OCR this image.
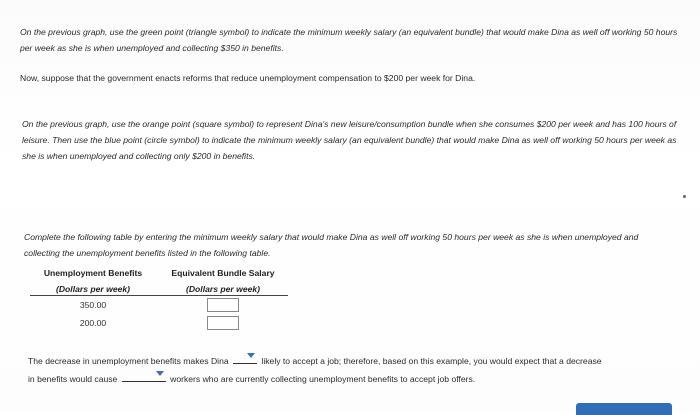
On the previous graph, use the green point (triangle symbol) to indicate the minimum weekly salary (an equivalent bundle) that would make Dina as well off working 50 hours per week as she is when unemployed and collecting $350 in benefits.
Now, suppose that the government enacts reforms that reduce unemployment compensation to $200 per week for Dina.
On the previous graph, use the orange point (square symbol) to represent Dina's new leisure/consumption bundle when she consumes $200 per week and has 100 hours of leisure. Then use the blue point (circle symbol) to indicate the minimum weekly salary (an equivalent bundle) that would make Dina as well off working 50 hours per week as she is when unemployed and collecting only $200 in benefits.
Complete the following table by entering the minimum weekly salary that would make Dina as well off working 50 hours per week as she is when unemployed and collecting the unemployment benefits listed in the following table.
Unemployment Benefits	Equivalent Bundle Salary
(Dollars per week)	(Dollars per week)
350.00
200.00
The decrease in unemployment benefits makes Dina	likely to accept a job; therefore, based on this example, you would expect that a decrease
in benefits would cause	workers who are currently collecting unemployment benefits to accept job offers.
